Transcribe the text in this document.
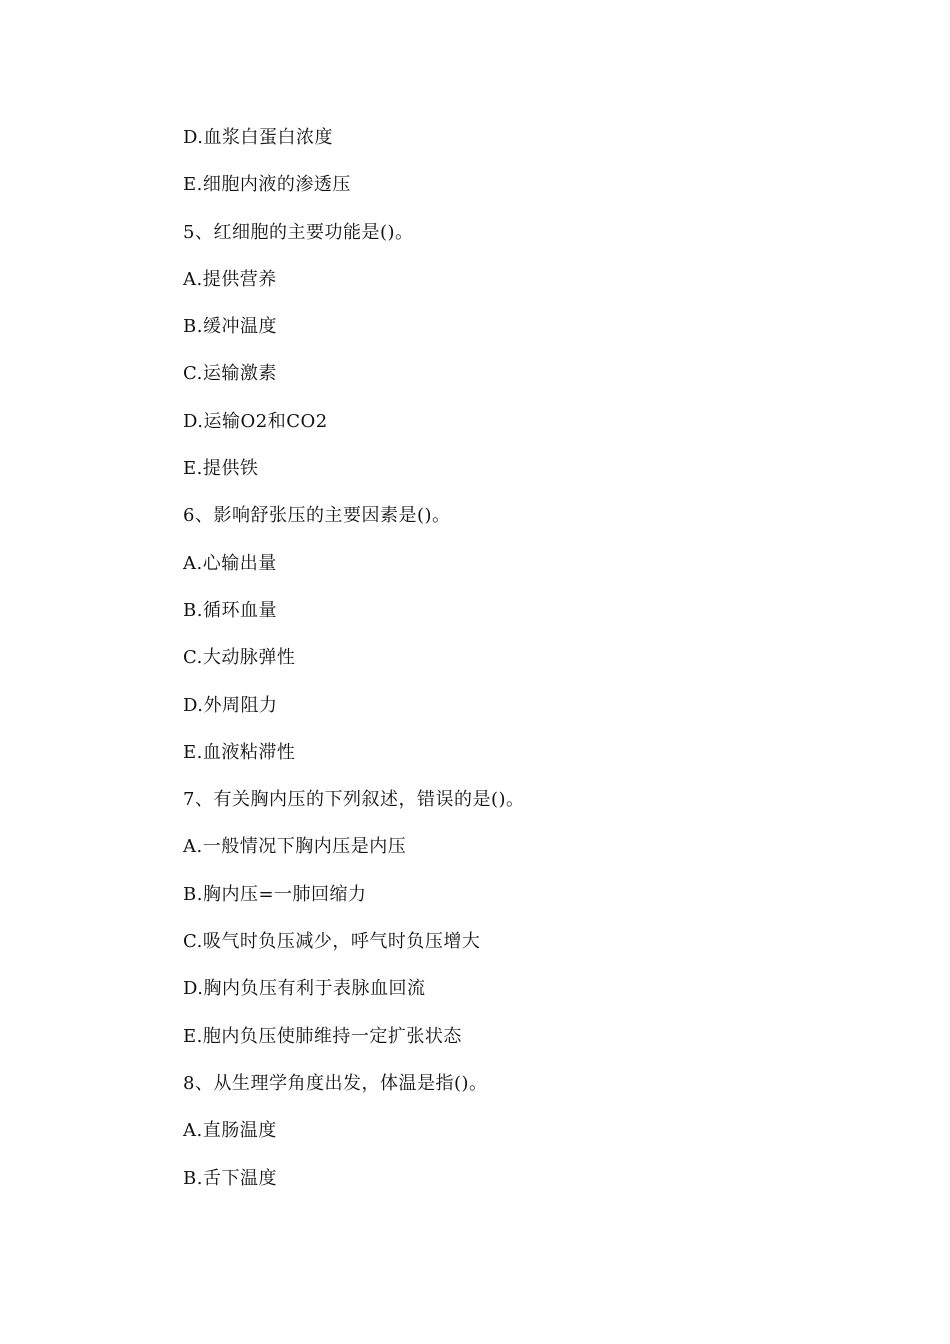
D.血浆白蛋白浓度
E.细胞内液的渗透压
5、红细胞的主要功能是()。
A.提供营养
B.缓冲温度
C.运输激素
D.运输O2和CO2
E.提供铁
6、影响舒张压的主要因素是()。
A.心输出量
B.循环血量
C.大动脉弹性
D.外周阻力
E.血液粘滞性
7、有关胸内压的下列叙述，错误的是()。
A.一般情况下胸内压是内压
B.胸内压=一肺回缩力
C.吸气时负压减少，呼气时负压增大
D.胸内负压有利于表脉血回流
E.胞内负压使肺维持一定扩张状态
8、从生理学角度出发，体温是指()。
A.直肠温度
B.舌下温度
